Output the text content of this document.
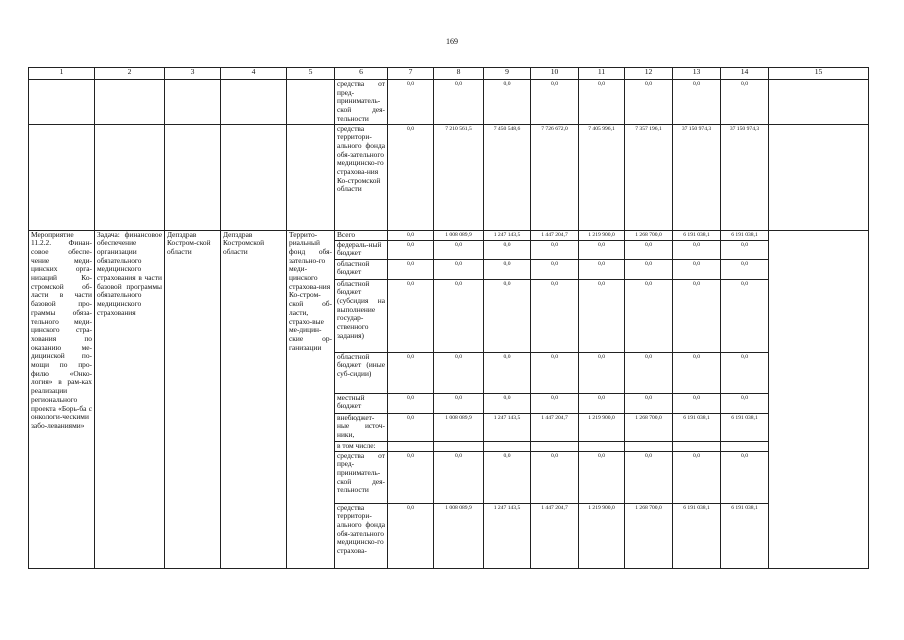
169
1	2	3	4	5	6	7	8	9	10	11	12	13	14	15
					средства от пред-приниматель-ской дея-тельности	0,0	0,0	0,0	0,0	0,0	0,0	0,0	0,0	
					средства территори-ального фонда обя-зательного медицинско-го страхова-ния Ко-стромской области	0,0	7 210 561,5	7 450 548,6	7 726 672,0	7 405 996,1	7 357 196,1	37 150 974,3	37 150 974,3	
Мероприятие 11.2.2. Финан-совое обеспе-чение меди-цинских орга-низаций Ко-стромской об-ласти в части базовой про-граммы обяза-тельного меди-цинского стра-хования по оказанию ме-дицинской по-мощи по про-филю «Онко-логия» в рам-ках реализации регионального проекта «Борь-ба с онкологи-ческими забо-леваниями»	Задача: финансовое обеспечение организации обязательного медицинского страхования в части базовой программы обязательного медицинского страхования	Депздрав Костром-ской области	Депздрав Костромской области	Террито-риальный фонд обя-зательно-го меди-цинского страхова-ния Ко-стром-ской об-ласти, страхо-вые ме-дицин-ские ор-ганизации	Всего	0,0	1 008 089,9	1 247 143,5	1 447 204,7	1 219 900,0	1 268 700,0	6 191 038,1	6 191 038,1	
					федераль-ный бюджет	0,0	0,0	0,0	0,0	0,0	0,0	0,0	0,0	
					областной бюджет	0,0	0,0	0,0	0,0	0,0	0,0	0,0	0,0	
					областной бюджет (субсидия на выполнение государ-ственного задания)	0,0	0,0	0,0	0,0	0,0	0,0	0,0	0,0	
					областной бюджет (иные суб-сидии)	0,0	0,0	0,0	0,0	0,0	0,0	0,0	0,0	
					местный бюджет	0,0	0,0	0,0	0,0	0,0	0,0	0,0	0,0	
					внебюджет-ные источ-ники,	0,0	1 008 089,9	1 247 143,5	1 447 204,7	1 219 900,0	1 268 700,0	6 191 038,1	6 191 038,1	
					в том числе:									
					средства от пред-приниматель-ской дея-тельности	0,0	0,0	0,0	0,0	0,0	0,0	0,0	0,0	
					средства территори-ального фонда обя-зательного медицинско-го страхова-	0,0	1 008 089,9	1 247 143,5	1 447 204,7	1 219 900,0	1 268 700,0	6 191 038,1	6 191 038,1	
